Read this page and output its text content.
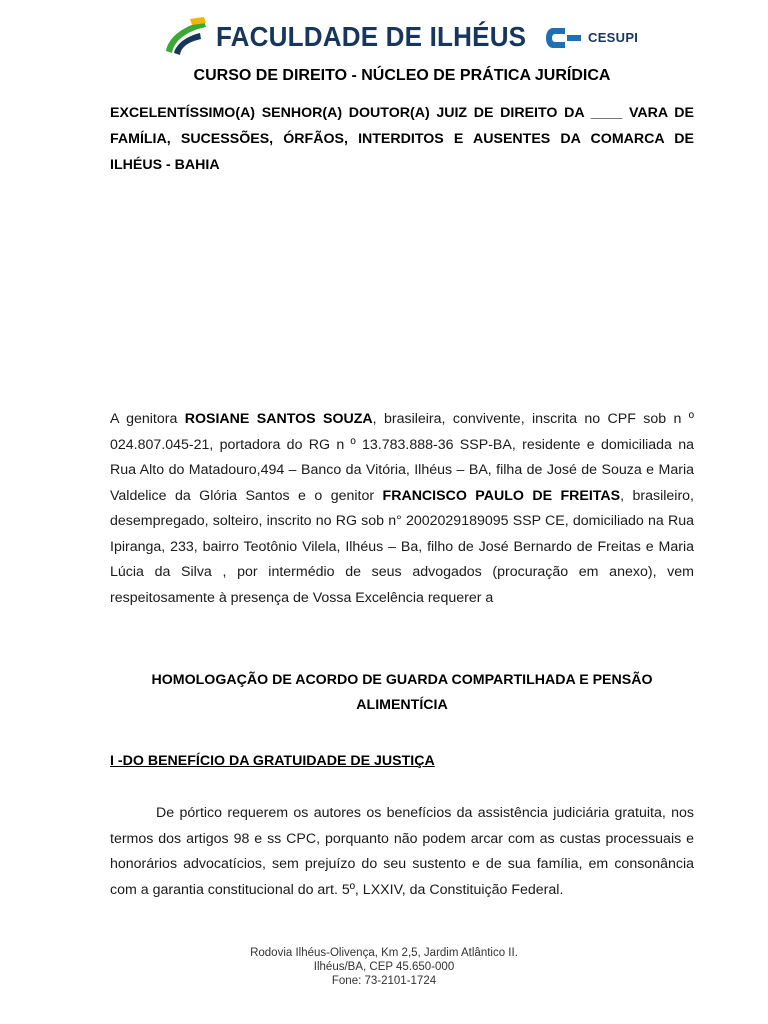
FACULDADE DE ILHÉUS	CESUPI
CURSO DE DIREITO - NÚCLEO DE PRÁTICA JURÍDICA
EXCELENTÍSSIMO(A) SENHOR(A) DOUTOR(A) JUIZ DE DIREITO DA ____ VARA DE FAMÍLIA, SUCESSÕES, ÓRFÃOS, INTERDITOS E AUSENTES DA COMARCA DE ILHÉUS - BAHIA
A genitora ROSIANE SANTOS SOUZA, brasileira, convivente, inscrita no CPF sob n º 024.807.045-21, portadora do RG n º 13.783.888-36 SSP-BA, residente e domiciliada na Rua Alto do Matadouro,494 – Banco da Vitória, Ilhéus – BA, filha de José de Souza e Maria Valdelice da Glória Santos e o genitor FRANCISCO PAULO DE FREITAS, brasileiro, desempregado, solteiro, inscrito no RG sob n° 2002029189095 SSP CE, domiciliado na Rua Ipiranga, 233, bairro Teotônio Vilela, Ilhéus – Ba, filho de José Bernardo de Freitas e Maria Lúcia da Silva , por intermédio de seus advogados (procuração em anexo), vem respeitosamente à presença de Vossa Excelência requerer a
HOMOLOGAÇÃO DE ACORDO DE GUARDA COMPARTILHADA E PENSÃO ALIMENTÍCIA
I -DO BENEFÍCIO DA GRATUIDADE DE JUSTIÇA
De pórtico requerem os autores os benefícios da assistência judiciária gratuita, nos termos dos artigos 98 e ss CPC, porquanto não podem arcar com as custas processuais e honorários advocatícios, sem prejuízo do seu sustento e de sua família, em consonância com a garantia constitucional do art. 5º, LXXIV, da Constituição Federal.
Rodovia Ilhéus-Olivença, Km 2,5, Jardim Atlântico II.
Ilhéus/BA, CEP 45.650-000
Fone: 73-2101-1724
